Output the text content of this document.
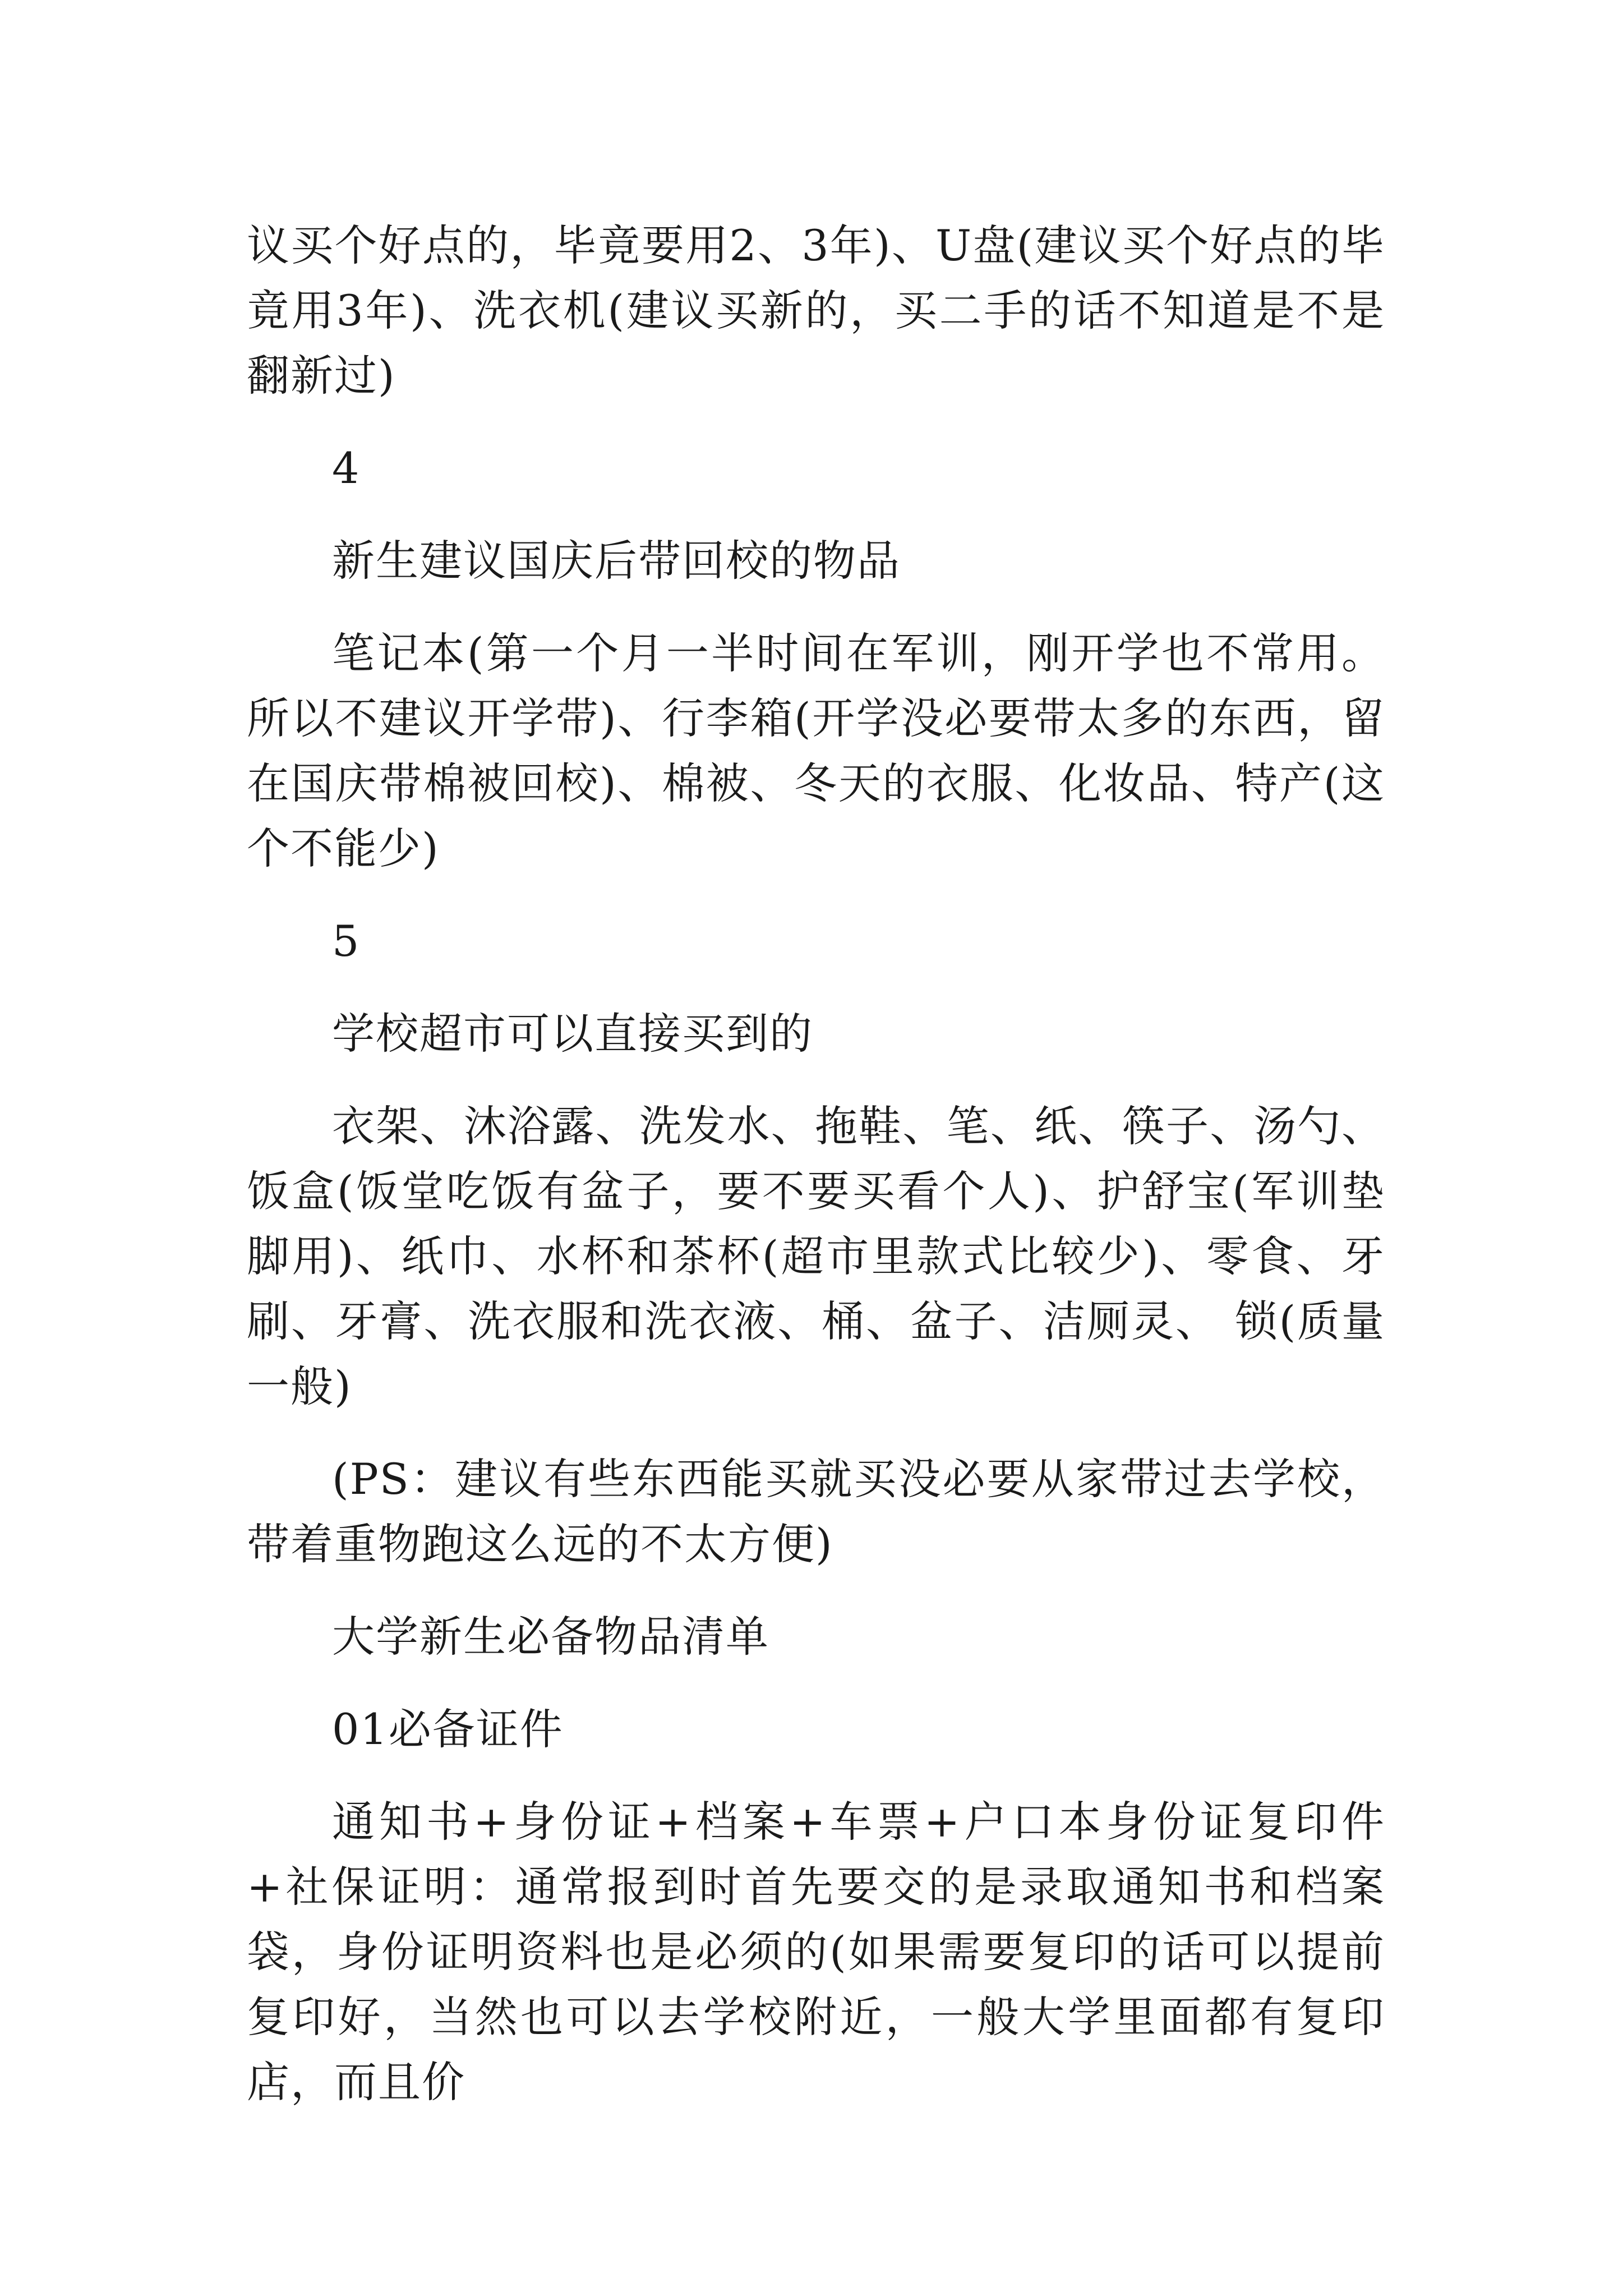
议买个好点的，毕竟要用2、3年)、U盘(建议买个好点的毕竟用3年)、洗衣机(建议买新的，买二手的话不知道是不是翻新过)

4

新生建议国庆后带回校的物品

笔记本(第一个月一半时间在军训，刚开学也不常用。所以不建议开学带)、行李箱(开学没必要带太多的东西，留在国庆带棉被回校)、棉被、冬天的衣服、化妆品、特产(这个不能少)

5

学校超市可以直接买到的

衣架、沐浴露、洗发水、拖鞋、笔、纸、筷子、汤勺、饭盒(饭堂吃饭有盆子，要不要买看个人)、护舒宝(军训垫脚用)、纸巾、水杯和茶杯(超市里款式比较少)、零食、牙刷、牙膏、洗衣服和洗衣液、桶、盆子、洁厕灵、 锁(质量一般)

(PS：建议有些东西能买就买没必要从家带过去学校，带着重物跑这么远的不太方便)

大学新生必备物品清单

01必备证件

通知书+身份证+档案+车票+户口本身份证复印件+社保证明：通常报到时首先要交的是录取通知书和档案袋，身份证明资料也是必须的(如果需要复印的话可以提前复印好，当然也可以去学校附近，一般大学里面都有复印店，而且价
